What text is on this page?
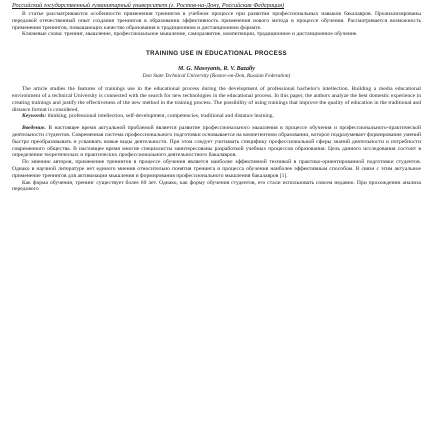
Российский государственный гуманитарный университет (г. Ростов-на-Дону, Российская Федерация)

В статье рассматриваются особенности применения тренингов в учебном процессе при развитии профессиональных навыков бакалавров. Проанализированы передовой отечественный опыт создания тренингов в образовании эффективность применения нового метода в процессе обучения. Рассматривается возможность применения тренингов, повышающих качество образования в традиционном и дистанционном формате.

Ключевые слова: тренинг, мышление, профессиональное мышление, саморазвитие, компетенции, традиционное и дистанционное обучение.

TRAINING USE IN EDUCATIONAL PROCESS
M. G. Masoyants, R. V. Bazaliy
Don State Technical University (Rostov-on-Don, Russian Federation)

The article studies the features of trainings use in the educational process during the development of professional bachelor's intellection. Building a media educational environment of a technical University is connected with the search for new technologies in the educational process. In this paper, the authors analyze the best domestic experience in creating trainings and justify the effectiveness of the new method in the training process. The possibility of using trainings that improve the quality of education in the traditional and distance format is considered.

Keywords: thinking, professional intellection, self-development, competencies, traditional and distance learning.

Введение. В настоящее время актуальной проблемой является развитие профессионального мышления в процессе обучения и профессионального-практической деятельности студентов. Современная система профессионального подготовки основывается на компетентном образовании, которое подразумевает формирование умений быстро преобразовывать и усваивать новые виды деятельности. При этом следует учитывать специфику профессиональной сферы знаний деятельности и потребности современного общества. В настоящее время многие специалисты заинтересованы разработкой учебных процессов образования. Цель данного исследования состоит в определении теоретических и практических профессионального деятельностного бакалавров.

По мнению авторов, применение тренингов в процессе обучения является наиболее эффективной техникой в практико-ориентированной подготовки студентов. Однако в научной литературе нет единого мнения относительно понятия тренинга и процесса обучения наиболее эффективным способом. В связи с этим актуальное применение тренингов для активизации мышления и формирования профессионального мышления бакалавров [1].

Как форма обучения, тренинг существует более 60 лет. Однако, как форму обучения студентов, его стали использовать совсем недавно. При прохождении анализа передового
